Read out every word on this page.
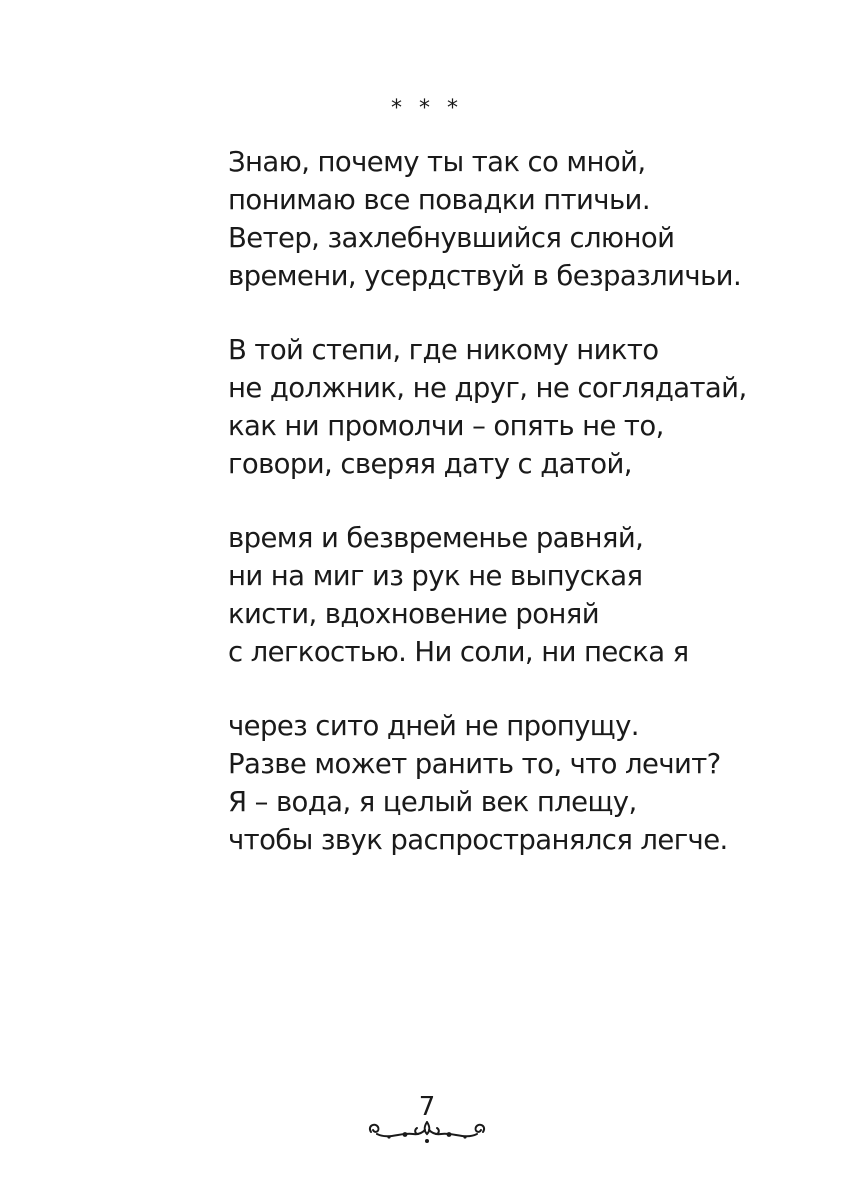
* * *
Знаю, почему ты так со мной,
понимаю все повадки птичьи.
Ветер, захлебнувшийся слюной
времени, усердствуй в безразличьи.
В той степи, где никому никто
не должник, не друг, не соглядатай,
как ни промолчи – опять не то,
говори, сверяя дату с датой,
время и безвременье равняй,
ни на миг из рук не выпуская
кисти, вдохновение роняй
с легкостью. Ни соли, ни песка я
через сито дней не пропущу.
Разве может ранить то, что лечит?
Я – вода, я целый век плещу,
чтобы звук распространялся легче.
7
